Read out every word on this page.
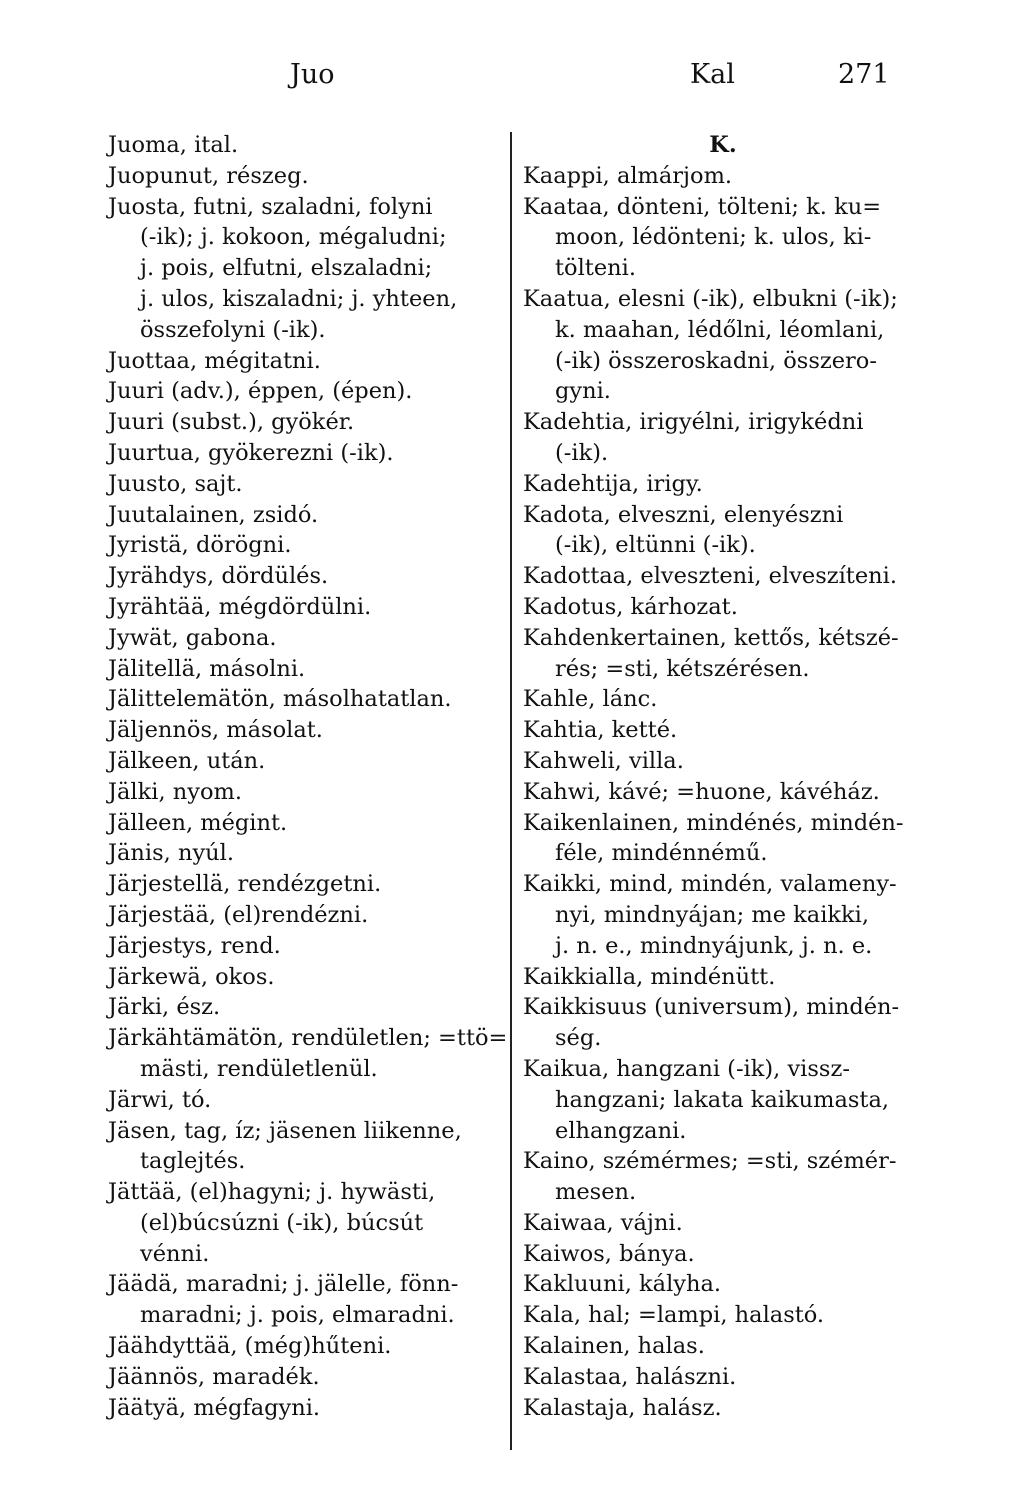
Juo	Kal	271
Juoma, ital.
Juopunut, részeg.
Juosta, futni, szaladni, folyni
(-ik); j. kokoon, mégaludni;
j. pois, elfutni, elszaladni;
j. ulos, kiszaladni; j. yhteen,
összefolyni (-ik).
Juottaa, mégitatni.
Juuri (adv.), éppen, (épen).
Juuri (subst.), gyökér.
Juurtua, gyökerezni (-ik).
Juusto, sajt.
Juutalainen, zsidó.
Jyristä, dörögni.
Jyrähdys, dördülés.
Jyrähtää, mégdördülni.
Jywät, gabona.
Jälitellä, másolni.
Jälittelemätön, másolhatatlan.
Jäljennös, másolat.
Jälkeen, után.
Jälki, nyom.
Jälleen, mégint.
Jänis, nyúl.
Järjestellä, rendézgetni.
Järjestää, (el)rendézni.
Järjestys, rend.
Järkewä, okos.
Järki, ész.
Järkähtämätön, rendületlen; =ttö=
mästi, rendületlenül.
Järwi, tó.
Jäsen, tag, íz; jäsenen liikenne,
taglejtés.
Jättää, (el)hagyni; j. hywästi,
(el)búcsúzni (-ik), búcsút
vénni.
Jäädä, maradni; j. jälelle, fönn-
maradni; j. pois, elmaradni.
Jäähdyttää, (még)hűteni.
Jäännös, maradék.
Jäätyä, mégfagyni.
K.
Kaappi, almárjom.
Kaataa, dönteni, tölteni; k. ku=
moon, lédönteni; k. ulos, ki-
tölteni.
Kaatua, elesni (-ik), elbukni (-ik);
k. maahan, lédőlni, léomlani,
(-ik) összeroskadni, összero-
gyni.
Kadehtia, irigyélni, irigykédni
(-ik).
Kadehtija, irigy.
Kadota, elveszni, elenyészni
(-ik), eltünni (-ik).
Kadottaa, elveszteni, elveszíteni.
Kadotus, kárhozat.
Kahdenkertainen, kettős, kétszé-
rés; =sti, kétszérésen.
Kahle, lánc.
Kahtia, ketté.
Kahweli, villa.
Kahwi, kávé; =huone, kávéház.
Kaikenlainen, mindénés, mindén-
féle, mindénnémű.
Kaikki, mind, mindén, valameny-
nyi, mindnyájan; me kaikki,
j. n. e., mindnyájunk, j. n. e.
Kaikkialla, mindénütt.
Kaikkisuus (universum), mindén-
ség.
Kaikua, hangzani (-ik), vissz-
hangzani; lakata kaikumasta,
elhangzani.
Kaino, szémérmes; =sti, szémér-
mesen.
Kaiwaa, vájni.
Kaiwos, bánya.
Kakluuni, kályha.
Kala, hal; =lampi, halastó.
Kalainen, halas.
Kalastaa, halászni.
Kalastaja, halász.
